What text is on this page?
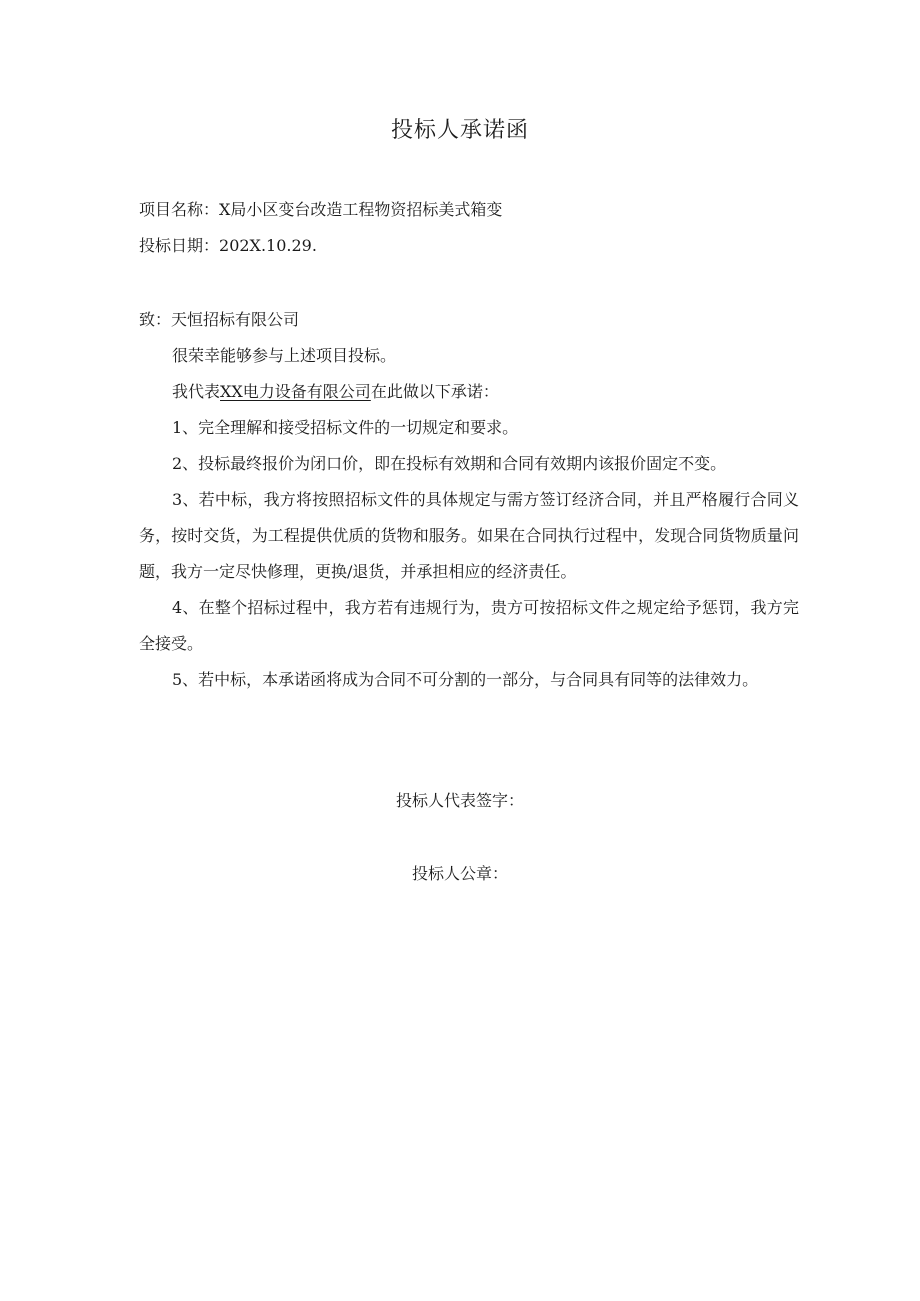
投标人承诺函

项目名称：X局小区变台改造工程物资招标美式箱变

投标日期：202X.10.29.

致：天恒招标有限公司

很荣幸能够参与上述项目投标。

我代表XX电力设备有限公司在此做以下承诺：

1、完全理解和接受招标文件的一切规定和要求。

2、投标最终报价为闭口价，即在投标有效期和合同有效期内该报价固定不变。

3、若中标，我方将按照招标文件的具体规定与需方签订经济合同，并且严格履行合同义务，按时交货，为工程提供优质的货物和服务。如果在合同执行过程中，发现合同货物质量问题，我方一定尽快修理，更换/退货，并承担相应的经济责任。

4、在整个招标过程中，我方若有违规行为，贵方可按招标文件之规定给予惩罚，我方完全接受。

5、若中标，本承诺函将成为合同不可分割的一部分，与合同具有同等的法律效力。

投标人代表签字：
投标人公章：
